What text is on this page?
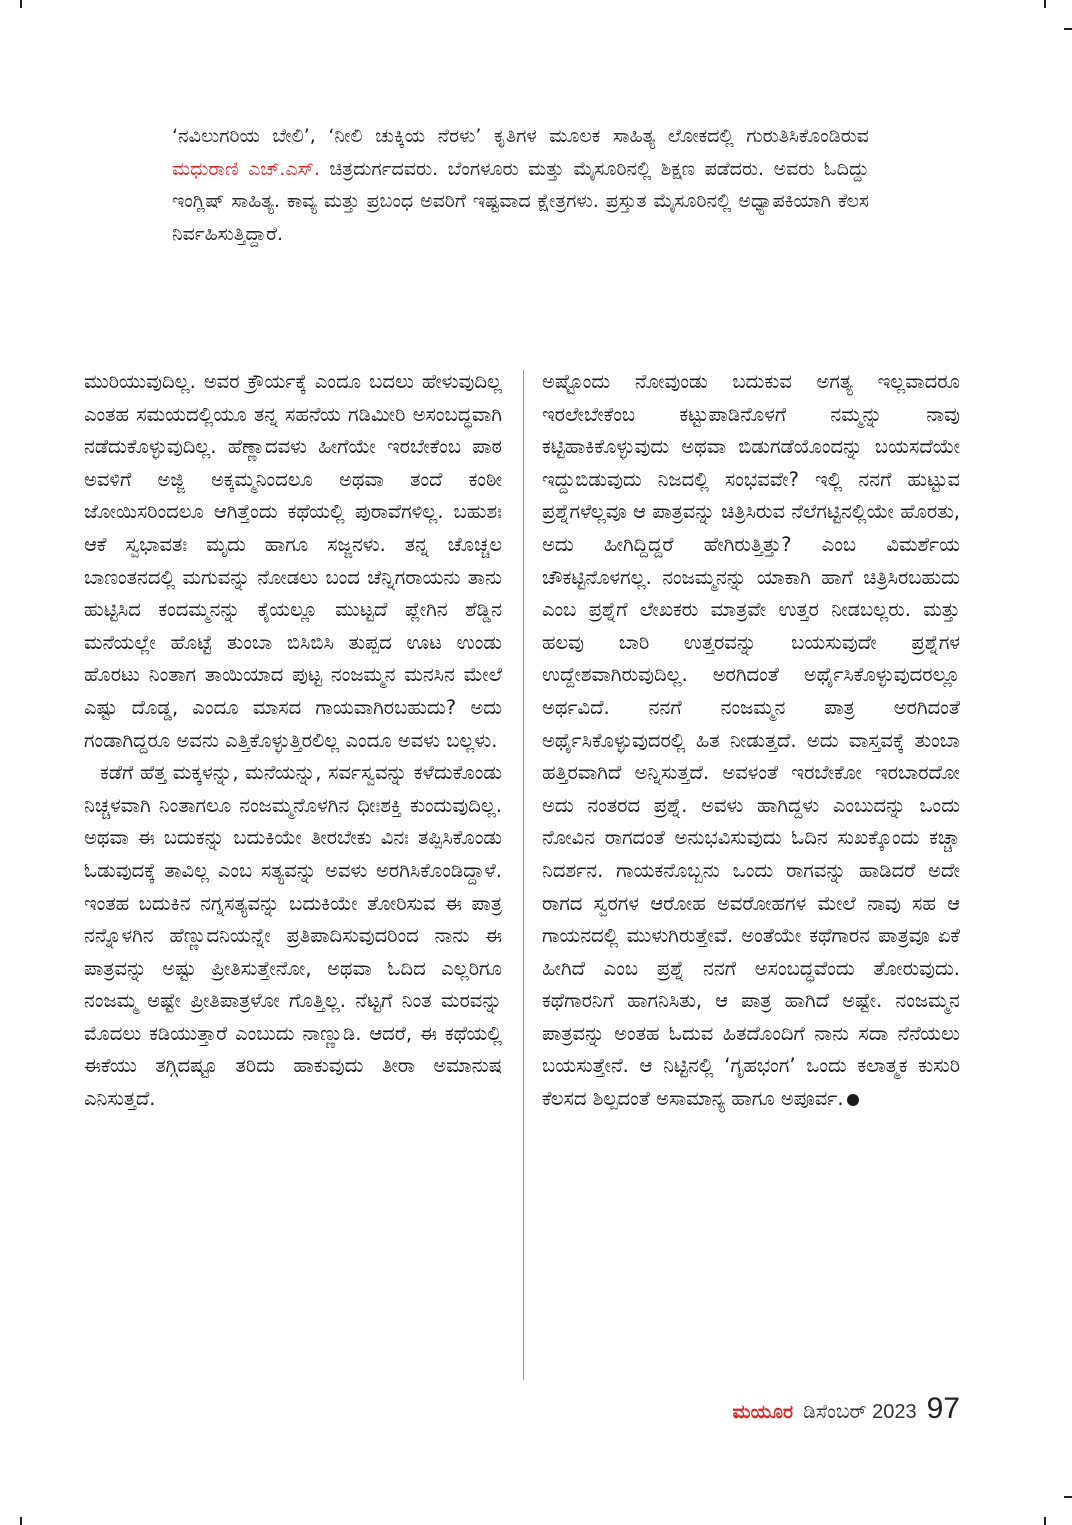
‘ನವಿಲುಗರಿಯ ಬೇಲಿ’, ‘ನೀಲಿ ಚುಕ್ಕಿಯ ನೆರಳು’ ಕೃತಿಗಳ ಮೂಲಕ ಸಾಹಿತ್ಯ ಲೋಕದಲ್ಲಿ ಗುರುತಿಸಿಕೊಂಡಿರುವ ಮಧುರಾಣಿ ಎಚ್.ಎಸ್. ಚಿತ್ರದುರ್ಗದವರು. ಬೆಂಗಳೂರು ಮತ್ತು ಮೈಸೂರಿನಲ್ಲಿ ಶಿಕ್ಷಣ ಪಡೆದರು. ಅವರು ಓದಿದ್ದು ಇಂಗ್ಲಿಷ್ ಸಾಹಿತ್ಯ. ಕಾವ್ಯ ಮತ್ತು ಪ್ರಬಂಧ ಅವರಿಗೆ ಇಷ್ಟವಾದ ಕ್ಷೇತ್ರಗಳು. ಪ್ರಸ್ತುತ ಮೈಸೂರಿನಲ್ಲಿ ಅಧ್ಯಾಪಕಿಯಾಗಿ ಕೆಲಸ ನಿರ್ವಹಿಸುತ್ತಿದ್ದಾರೆ.

ಮುರಿಯುವುದಿಲ್ಲ. ಅವರ ಕ್ರೌರ್ಯಕ್ಕೆ ಎಂದೂ ಬದಲು ಹೇಳುವುದಿಲ್ಲ ಎಂತಹ ಸಮಯದಲ್ಲಿಯೂ ತನ್ನ ಸಹನೆಯ ಗಡಿಮೀರಿ ಅಸಂಬದ್ಧವಾಗಿ ನಡೆದುಕೊಳ್ಳುವುದಿಲ್ಲ. ಹೆಣ್ಣಾದವಳು ಹೀಗೆಯೇ ಇರಬೇಕೆಂಬ ಪಾಠ ಅವಳಿಗೆ ಅಜ್ಜಿ ಅಕ್ಕಮ್ಮನಿಂದಲೂ ಅಥವಾ ತಂದೆ ಕಂಠೀ ಜೋಯಿಸರಿಂದಲೂ ಆಗಿತ್ತೆಂದು ಕಥೆಯಲ್ಲಿ ಪುರಾವೆಗಳಿಲ್ಲ. ಬಹುಶಃ ಆಕೆ ಸ್ವಭಾವತಃ ಮೃದು ಹಾಗೂ ಸಜ್ಜನಳು. ತನ್ನ ಚೊಚ್ಚಲ ಬಾಣಂತನದಲ್ಲಿ ಮಗುವನ್ನು ನೋಡಲು ಬಂದ ಚೆನ್ನಿಗರಾಯನು ತಾನು ಹುಟ್ಟಿಸಿದ ಕಂದಮ್ಮನನ್ನು ಕೈಯಲ್ಲೂ ಮುಟ್ಟದೆ ಪ್ಲೇಗಿನ ಶೆಡ್ಡಿನ ಮನೆಯಲ್ಲೇ ಹೊಟ್ಟೆ ತುಂಬಾ ಬಿಸಿಬಿಸಿ ತುಪ್ಪದ ಊಟ ಉಂಡು ಹೊರಟು ನಿಂತಾಗ ತಾಯಿಯಾದ ಪುಟ್ಟ ನಂಜಮ್ಮನ ಮನಸಿನ ಮೇಲೆ ಎಷ್ಟು ದೊಡ್ಡ, ಎಂದೂ ಮಾಸದ ಗಾಯವಾಗಿರಬಹುದು? ಅದು ಗಂಡಾಗಿದ್ದರೂ ಅವನು ಎತ್ತಿಕೊಳ್ಳುತ್ತಿರಲಿಲ್ಲ ಎಂದೂ ಅವಳು ಬಲ್ಲಳು.

ಕಡೆಗೆ ಹೆತ್ತ ಮಕ್ಕಳನ್ನು, ಮನೆಯನ್ನು, ಸರ್ವಸ್ವವನ್ನು ಕಳೆದುಕೊಂಡು ನಿಚ್ಚಳವಾಗಿ ನಿಂತಾಗಲೂ ನಂಜಮ್ಮನೊಳಗಿನ ಧೀಃಶಕ್ತಿ ಕುಂದುವುದಿಲ್ಲ. ಅಥವಾ ಈ ಬದುಕನ್ನು ಬದುಕಿಯೇ ತೀರಬೇಕು ವಿನಃ ತಪ್ಪಿಸಿಕೊಂಡು ಓಡುವುದಕ್ಕೆ ತಾವಿಲ್ಲ ಎಂಬ ಸತ್ಯವನ್ನು ಅವಳು ಅರಗಿಸಿಕೊಂಡಿದ್ದಾಳೆ. ಇಂತಹ ಬದುಕಿನ ನಗ್ನಸತ್ಯವನ್ನು ಬದುಕಿಯೇ ತೋರಿಸುವ ಈ ಪಾತ್ರ ನನ್ನೊಳಗಿನ ಹೆಣ್ಣುದನಿಯನ್ನೇ ಪ್ರತಿಪಾದಿಸುವುದರಿಂದ ನಾನು ಈ ಪಾತ್ರವನ್ನು ಅಷ್ಟು ಪ್ರೀತಿಸುತ್ತೇನೋ, ಅಥವಾ ಓದಿದ ಎಲ್ಲರಿಗೂ ನಂಜಮ್ಮ ಅಷ್ಟೇ ಪ್ರೀತಿಪಾತ್ರಳೋ ಗೊತ್ತಿಲ್ಲ. ನೆಟ್ಟಗೆ ನಿಂತ ಮರವನ್ನು ಮೊದಲು ಕಡಿಯುತ್ತಾರೆ ಎಂಬುದು ನಾಣ್ಣುಡಿ. ಆದರೆ, ಈ ಕಥೆಯಲ್ಲಿ ಈಕೆಯು ತಗ್ಗಿದಷ್ಟೂ ತರಿದು ಹಾಕುವುದು ತೀರಾ ಅಮಾನುಷ ಎನಿಸುತ್ತದೆ.

ಅಷ್ಟೊಂದು ನೋವುಂಡು ಬದುಕುವ ಅಗತ್ಯ ಇಲ್ಲವಾದರೂ ಇರಲೇಬೇಕೆಂಬ ಕಟ್ಟುಪಾಡಿನೊಳಗೆ ನಮ್ಮನ್ನು ನಾವು ಕಟ್ಟಿಹಾಕಿಕೊಳ್ಳುವುದು ಅಥವಾ ಬಿಡುಗಡೆಯೊಂದನ್ನು ಬಯಸದೆಯೇ ಇದ್ದುಬಿಡುವುದು ನಿಜದಲ್ಲಿ ಸಂಭವವೇ? ಇಲ್ಲಿ ನನಗೆ ಹುಟ್ಟುವ ಪ್ರಶ್ನೆಗಳೆಲ್ಲವೂ ಆ ಪಾತ್ರವನ್ನು ಚಿತ್ರಿಸಿರುವ ನೆಲೆಗಟ್ಟಿನಲ್ಲಿಯೇ ಹೊರತು, ಅದು ಹೀಗಿದ್ದಿದ್ದರೆ ಹೇಗಿರುತ್ತಿತ್ತು? ಎಂಬ ವಿಮರ್ಶೆಯ ಚೌಕಟ್ಟಿನೊಳಗಲ್ಲ. ನಂಜಮ್ಮನನ್ನು ಯಾಕಾಗಿ ಹಾಗೆ ಚಿತ್ರಿಸಿರಬಹುದು ಎಂಬ ಪ್ರಶ್ನೆಗೆ ಲೇಖಕರು ಮಾತ್ರವೇ ಉತ್ತರ ನೀಡಬಲ್ಲರು. ಮತ್ತು ಹಲವು ಬಾರಿ ಉತ್ತರವನ್ನು ಬಯಸುವುದೇ ಪ್ರಶ್ನೆಗಳ ಉದ್ದೇಶವಾಗಿರುವುದಿಲ್ಲ. ಅರಗಿದಂತೆ ಅರ್ಥೈಸಿಕೊಳ್ಳುವುದರಲ್ಲೂ ಅರ್ಥವಿದೆ. ನನಗೆ ನಂಜಮ್ಮನ ಪಾತ್ರ ಅರಗಿದಂತೆ ಅರ್ಥೈಸಿಕೊಳ್ಳುವುದರಲ್ಲಿ ಹಿತ ನೀಡುತ್ತದೆ. ಅದು ವಾಸ್ತವಕ್ಕೆ ತುಂಬಾ ಹತ್ತಿರವಾಗಿದೆ ಅನ್ನಿಸುತ್ತದೆ. ಅವಳಂತೆ ಇರಬೇಕೋ ಇರಬಾರದೋ ಅದು ನಂತರದ ಪ್ರಶ್ನೆ. ಅವಳು ಹಾಗಿದ್ದಳು ಎಂಬುದನ್ನು ಒಂದು ನೋವಿನ ರಾಗದಂತೆ ಅನುಭವಿಸುವುದು ಓದಿನ ಸುಖಕ್ಕೊಂದು ಕಚ್ಚಾ ನಿದರ್ಶನ. ಗಾಯಕನೊಬ್ಬನು ಒಂದು ರಾಗವನ್ನು ಹಾಡಿದರೆ ಅದೇ ರಾಗದ ಸ್ವರಗಳ ಆರೋಹ ಅವರೋಹಗಳ ಮೇಲೆ ನಾವು ಸಹ ಆ ಗಾಯನದಲ್ಲಿ ಮುಳುಗಿರುತ್ತೇವೆ. ಅಂತೆಯೇ ಕಥೆಗಾರನ ಪಾತ್ರವೂ ಏಕೆ ಹೀಗಿದೆ ಎಂಬ ಪ್ರಶ್ನೆ ನನಗೆ ಅಸಂಬದ್ಧವೆಂದು ತೋರುವುದು. ಕಥೆಗಾರನಿಗೆ ಹಾಗನಿಸಿತು, ಆ ಪಾತ್ರ ಹಾಗಿದೆ ಅಷ್ಟೇ. ನಂಜಮ್ಮನ ಪಾತ್ರವನ್ನು ಅಂತಹ ಓದುವ ಹಿತದೊಂದಿಗೆ ನಾನು ಸದಾ ನೆನೆಯಲು ಬಯಸುತ್ತೇನೆ. ಆ ನಿಟ್ಟಿನಲ್ಲಿ ‘ಗೃಹಭಂಗ’ ಒಂದು ಕಲಾತ್ಮಕ ಕುಸುರಿ ಕೆಲಸದ ಶಿಲ್ಪದಂತೆ ಅಸಾಮಾನ್ಯ ಹಾಗೂ ಅಪೂರ್ವ.

ಮಯೂರ ಡಿಸೆಂಬರ್ 2023 97
